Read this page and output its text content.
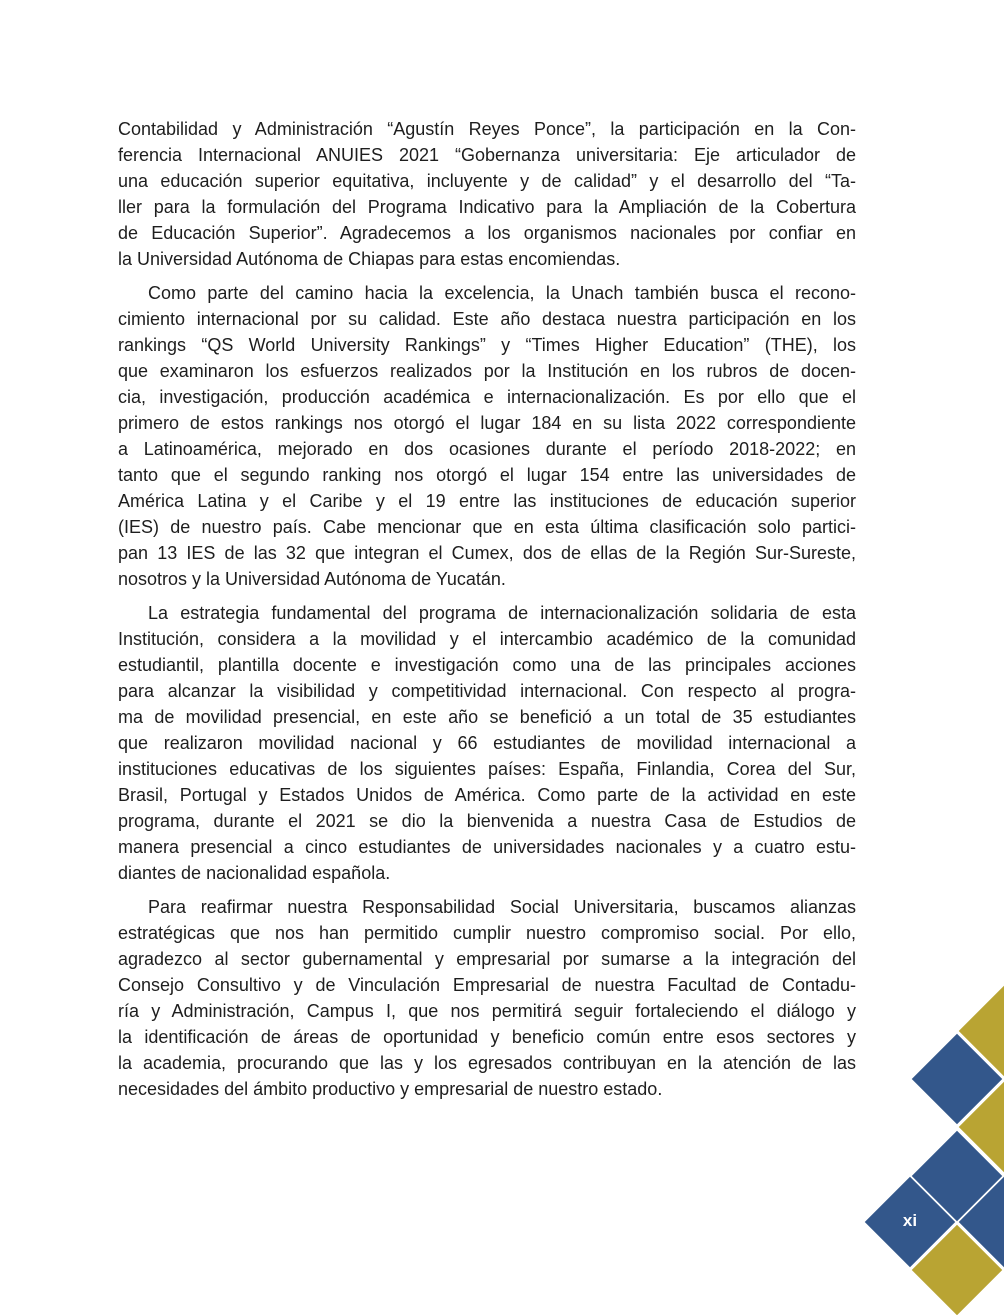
Contabilidad y Administración “Agustín Reyes Ponce”, la participación en la Con-
ferencia Internacional ANUIES 2021 “Gobernanza universitaria: Eje articulador de
una educación superior equitativa, incluyente y de calidad” y el desarrollo del “Ta-
ller para la formulación del Programa Indicativo para la Ampliación de la Cobertura
de Educación Superior”. Agradecemos a los organismos nacionales por confiar en
la Universidad Autónoma de Chiapas para estas encomiendas.
Como parte del camino hacia la excelencia, la Unach también busca el recono-
cimiento internacional por su calidad. Este año destaca nuestra participación en los
rankings “QS World University Rankings” y “Times Higher Education” (THE), los
que examinaron los esfuerzos realizados por la Institución en los rubros de docen-
cia, investigación, producción académica e internacionalización. Es por ello que el
primero de estos rankings nos otorgó el lugar 184 en su lista 2022 correspondiente
a Latinoamérica, mejorado en dos ocasiones durante el período 2018-2022; en
tanto que el segundo ranking nos otorgó el lugar 154 entre las universidades de
América Latina y el Caribe y el 19 entre las instituciones de educación superior
(IES) de nuestro país. Cabe mencionar que en esta última clasificación solo partici-
pan 13 IES de las 32 que integran el Cumex, dos de ellas de la Región Sur-Sureste,
nosotros y la Universidad Autónoma de Yucatán.
La estrategia fundamental del programa de internacionalización solidaria de esta
Institución, considera a la movilidad y el intercambio académico de la comunidad
estudiantil, plantilla docente e investigación como una de las principales acciones
para alcanzar la visibilidad y competitividad internacional. Con respecto al progra-
ma de movilidad presencial, en este año se benefició a un total de 35 estudiantes
que realizaron movilidad nacional y 66 estudiantes de movilidad internacional a
instituciones educativas de los siguientes países: España, Finlandia, Corea del Sur,
Brasil, Portugal y Estados Unidos de América. Como parte de la actividad en este
programa, durante el 2021 se dio la bienvenida a nuestra Casa de Estudios de
manera presencial a cinco estudiantes de universidades nacionales y a cuatro estu-
diantes de nacionalidad española.
Para reafirmar nuestra Responsabilidad Social Universitaria, buscamos alianzas
estratégicas que nos han permitido cumplir nuestro compromiso social. Por ello,
agradezco al sector gubernamental y empresarial por sumarse a la integración del
Consejo Consultivo y de Vinculación Empresarial de nuestra Facultad de Contadu-
ría y Administración, Campus I, que nos permitirá seguir fortaleciendo el diálogo y
la identificación de áreas de oportunidad y beneficio común entre esos sectores y
la academia, procurando que las y los egresados contribuyan en la atención de las
necesidades del ámbito productivo y empresarial de nuestro estado.
xi
